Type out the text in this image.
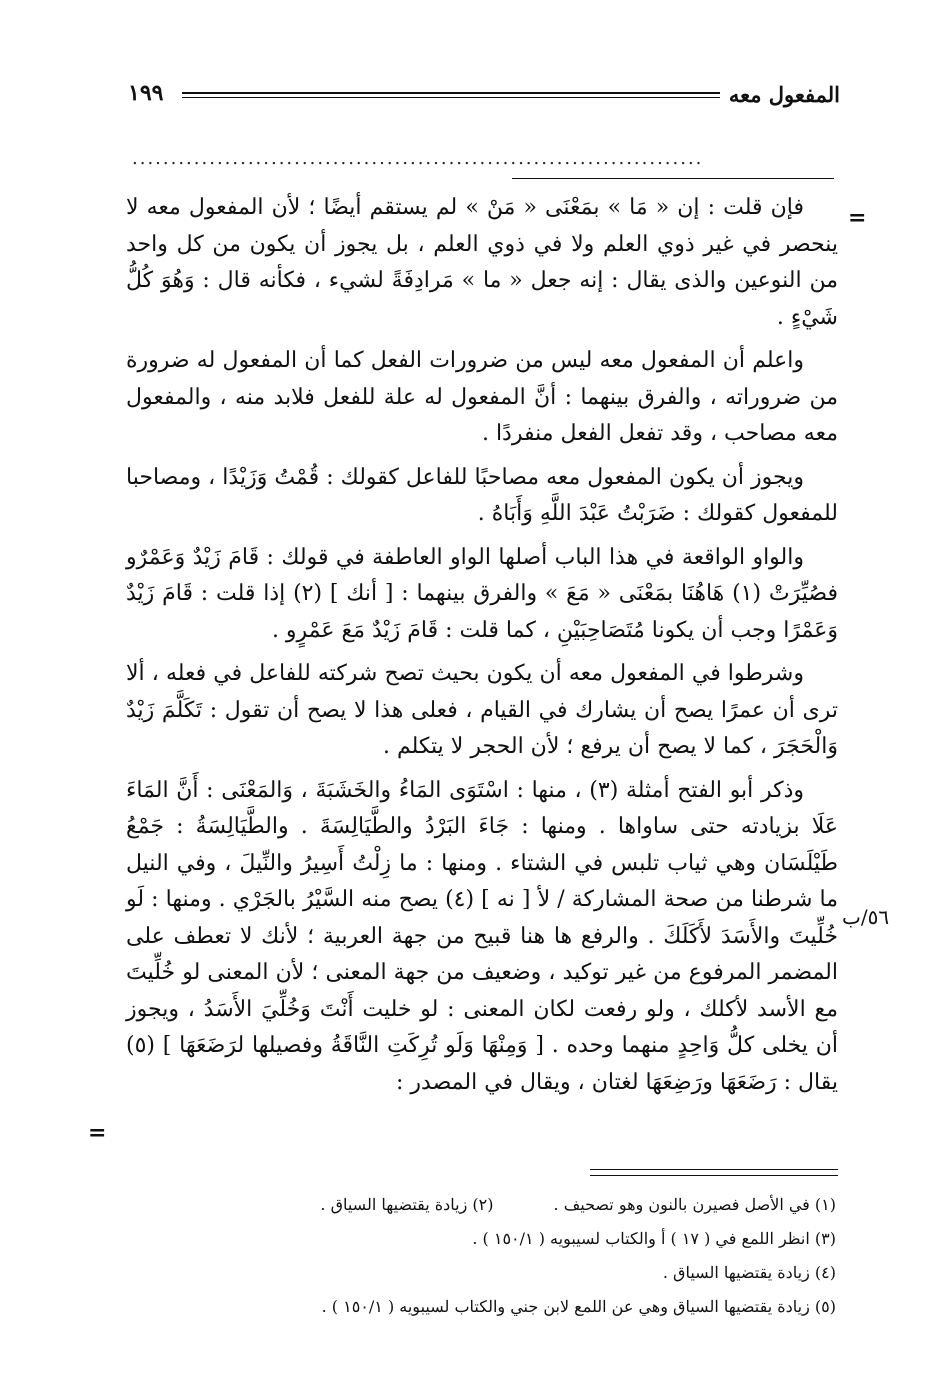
المفعول معه
١٩٩
..........................................................................
=
٥٦/ب
=

فإن قلت : إن « مَا » بمَعْنَى « مَنْ » لم يستقم أيضًا ؛ لأن المفعول معه لا ينحصر في غير ذوي العلم ولا في ذوي العلم ، بل يجوز أن يكون من كل واحد من النوعين والذى يقال : إنه جعل « ما » مَرادِفَةً لشيء ، فكأنه قال : وَهُوَ كُلُّ شَيْءٍ .

واعلم أن المفعول معه ليس من ضرورات الفعل كما أن المفعول له ضرورة من ضروراته ، والفرق بينهما : أنَّ المفعول له علة للفعل فلابد منه ، والمفعول معه مصاحب ، وقد تفعل الفعل منفردًا .

ويجوز أن يكون المفعول معه مصاحبًا للفاعل كقولك : قُمْتُ وَزَيْدًا ، ومصاحبا للمفعول كقولك : ضَرَبْتُ عَبْدَ اللَّهِ وَأَبَاهُ .

والواو الواقعة في هذا الباب أصلها الواو العاطفة في قولك : قَامَ زَيْدٌ وَعَمْرٌو فصُيِّرَتْ (١) هَاهُنَا بمَعْنَى « مَعَ » والفرق بينهما : [ أنك ] (٢) إذا قلت : قَامَ زَيْدٌ وَعَمْرًا وجب أن يكونا مُتَصَاحِبَيْنِ ، كما قلت : قَامَ زَيْدٌ مَعَ عَمْرٍو .

وشرطوا في المفعول معه أن يكون بحيث تصح شركته للفاعل في فعله ، ألا ترى أن عمرًا يصح أن يشارك في القيام ، فعلى هذا لا يصح أن تقول : تَكَلَّمَ زَيْدٌ وَالْحَجَرَ ، كما لا يصح أن يرفع ؛ لأن الحجر لا يتكلم .

وذكر أبو الفتح أمثلة (٣) ، منها : اسْتَوَى المَاءُ والخَشَبَةَ ، وَالمَعْنَى : أَنَّ المَاءَ عَلَا بزيادته حتى ساواها . ومنها : جَاءَ البَرْدُ والطَّيَالِسَةَ . والطَّيَالِسَةُ : جَمْعُ طَيْلَسَان وهي ثياب تلبس في الشتاء . ومنها : ما زِلْتُ أَسِيرُ والنِّيلَ ، وفي النيل ما شرطنا من صحة المشاركة / لأ [ نه ] (٤) يصح منه السَّيْرُ بالجَرْي . ومنها : لَو خُلِّيتَ والأَسَدَ لأَكَلَكَ . والرفع ها هنا قبيح من جهة العربية ؛ لأنك لا تعطف على المضمر المرفوع من غير توكيد ، وضعيف من جهة المعنى ؛ لأن المعنى لو خُلِّيتَ مع الأسد لأكلك ، ولو رفعت لكان المعنى : لو خليت أَنْتَ وَخُلِّيَ الأَسَدُ ، ويجوز أن يخلى كلُّ وَاحِدٍ منهما وحده . [ وَمِنْهَا وَلَو تُرِكَتِ النَّاقَةُ وفصيلها لرَضَعَهَا ] (٥) يقال : رَضَعَهَا ورَضِعَهَا لغتان ، ويقال في المصدر :

(١) في الأصل فصيرن بالنون وهو تصحيف .
(٢) زيادة يقتضيها السياق .
(٣) انظر اللمع في ( ١٧ ) أ والكتاب لسيبويه ( ١٥٠/١ ) .
(٤) زيادة يقتضيها السياق .
(٥) زيادة يقتضيها السياق وهي عن اللمع لابن جني والكتاب لسيبويه ( ١٥٠/١ ) .
